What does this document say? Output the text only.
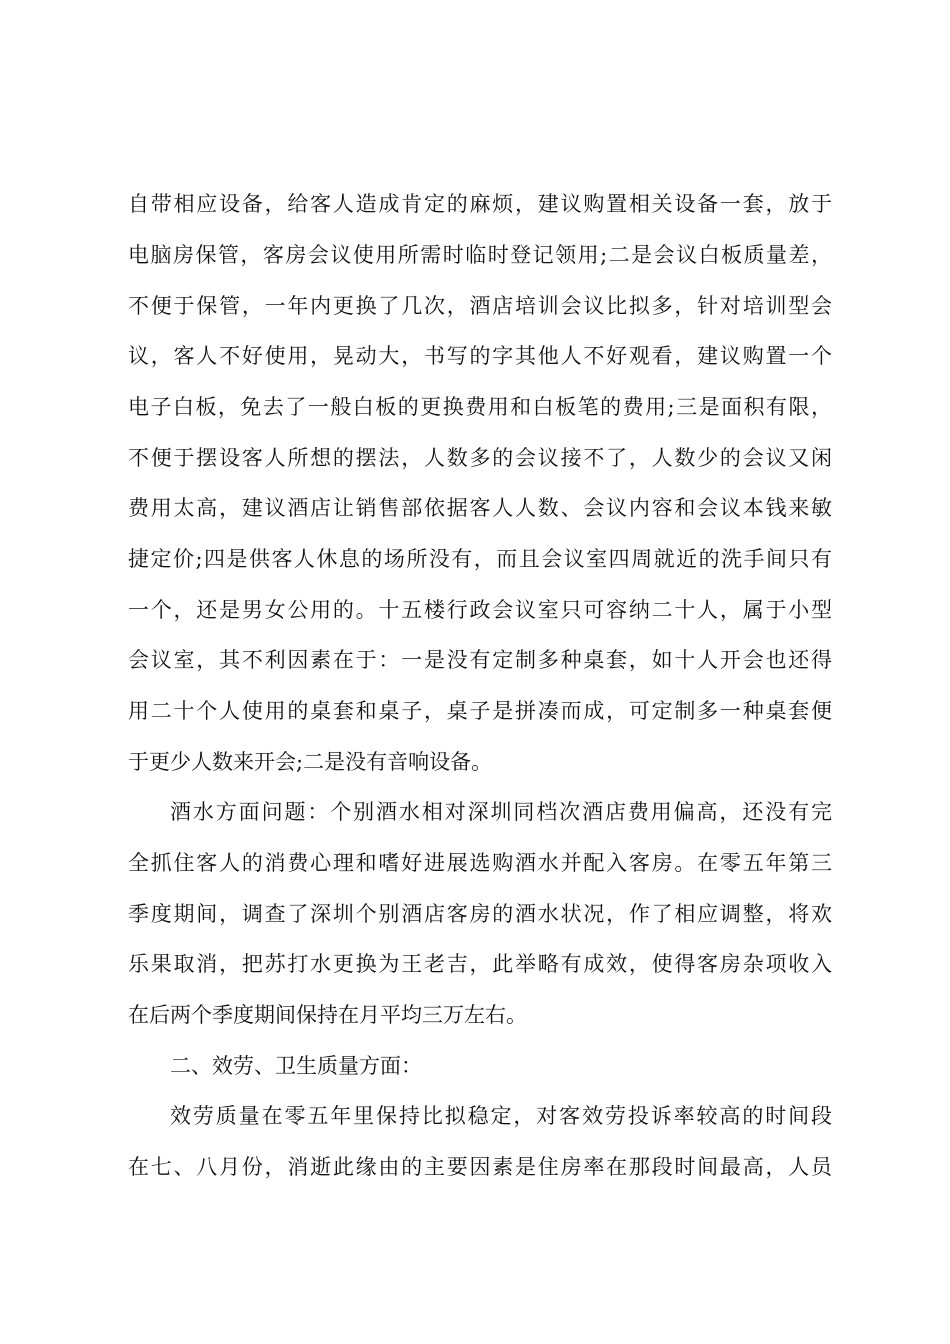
自带相应设备，给客人造成肯定的麻烦，建议购置相关设备一套，放于
电脑房保管，客房会议使用所需时临时登记领用;二是会议白板质量差，
不便于保管，一年内更换了几次，酒店培训会议比拟多，针对培训型会
议，客人不好使用，晃动大，书写的字其他人不好观看，建议购置一个
电子白板，免去了一般白板的更换费用和白板笔的费用;三是面积有限，
不便于摆设客人所想的摆法，人数多的会议接不了，人数少的会议又闲
费用太高，建议酒店让销售部依据客人人数、会议内容和会议本钱来敏
捷定价;四是供客人休息的场所没有，而且会议室四周就近的洗手间只有
一个，还是男女公用的。十五楼行政会议室只可容纳二十人，属于小型
会议室，其不利因素在于：一是没有定制多种桌套，如十人开会也还得
用二十个人使用的桌套和桌子，桌子是拼凑而成，可定制多一种桌套便
于更少人数来开会;二是没有音响设备。
酒水方面问题：个别酒水相对深圳同档次酒店费用偏高，还没有完
全抓住客人的消费心理和嗜好进展选购酒水并配入客房。在零五年第三
季度期间，调查了深圳个别酒店客房的酒水状况，作了相应调整，将欢
乐果取消，把苏打水更换为王老吉，此举略有成效，使得客房杂项收入
在后两个季度期间保持在月平均三万左右。
二、效劳、卫生质量方面：
效劳质量在零五年里保持比拟稳定，对客效劳投诉率较高的时间段
在七、八月份，消逝此缘由的主要因素是住房率在那段时间最高，人员
